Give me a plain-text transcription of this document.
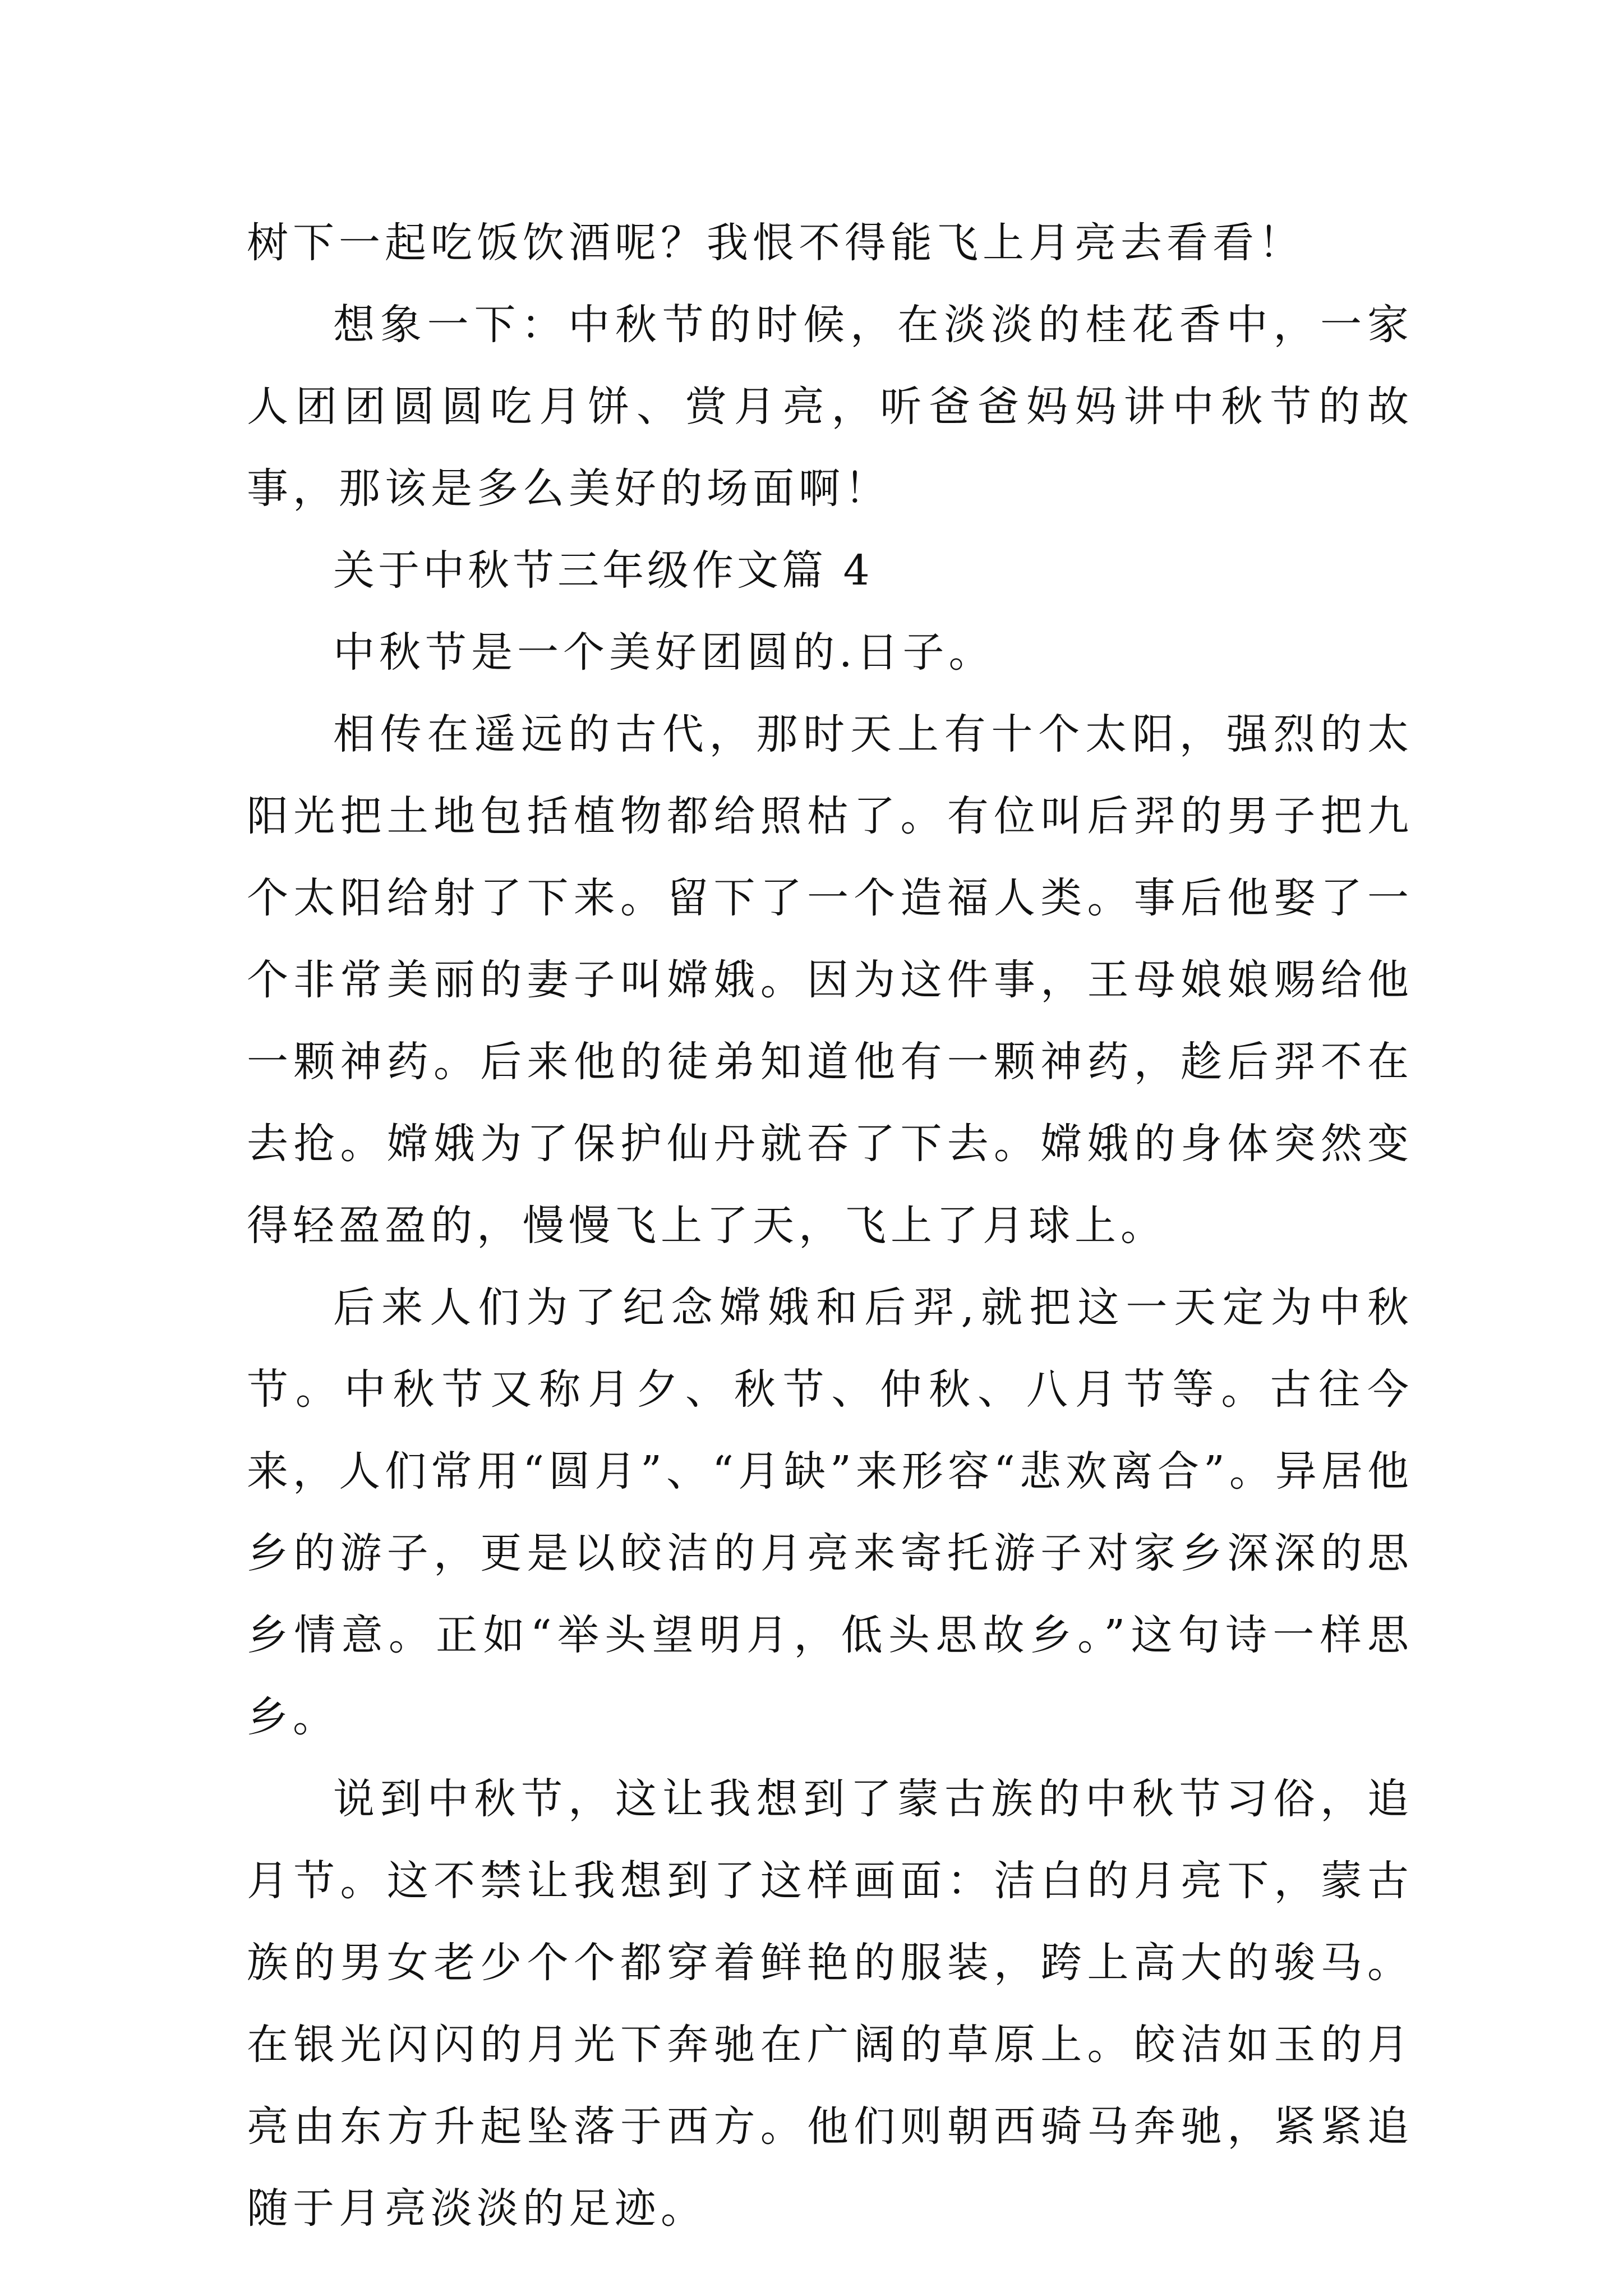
树下一起吃饭饮酒呢？我恨不得能飞上月亮去看看！

想象一下：中秋节的时候，在淡淡的桂花香中，一家人团团圆圆吃月饼、赏月亮，听爸爸妈妈讲中秋节的故事，那该是多么美好的场面啊！

关于中秋节三年级作文篇 4

中秋节是一个美好团圆的.日子。

相传在遥远的古代，那时天上有十个太阳，强烈的太阳光把土地包括植物都给照枯了。有位叫后羿的男子把九个太阳给射了下来。留下了一个造福人类。事后他娶了一个非常美丽的妻子叫嫦娥。因为这件事，王母娘娘赐给他一颗神药。后来他的徒弟知道他有一颗神药，趁后羿不在去抢。嫦娥为了保护仙丹就吞了下去。嫦娥的身体突然变得轻盈盈的，慢慢飞上了天，飞上了月球上。

后来人们为了纪念嫦娥和后羿,就把这一天定为中秋节。中秋节又称月夕、秋节、仲秋、八月节等。古往今来，人们常用“圆月”、“月缺”来形容“悲欢离合”。异居他乡的游子，更是以皎洁的月亮来寄托游子对家乡深深的思乡情意。正如“举头望明月，低头思故乡。”这句诗一样思乡。

说到中秋节，这让我想到了蒙古族的中秋节习俗，追月节。这不禁让我想到了这样画面：洁白的月亮下，蒙古族的男女老少个个都穿着鲜艳的服装，跨上高大的骏马。在银光闪闪的月光下奔驰在广阔的草原上。皎洁如玉的月亮由东方升起坠落于西方。他们则朝西骑马奔驰，紧紧追随于月亮淡淡的足迹。
